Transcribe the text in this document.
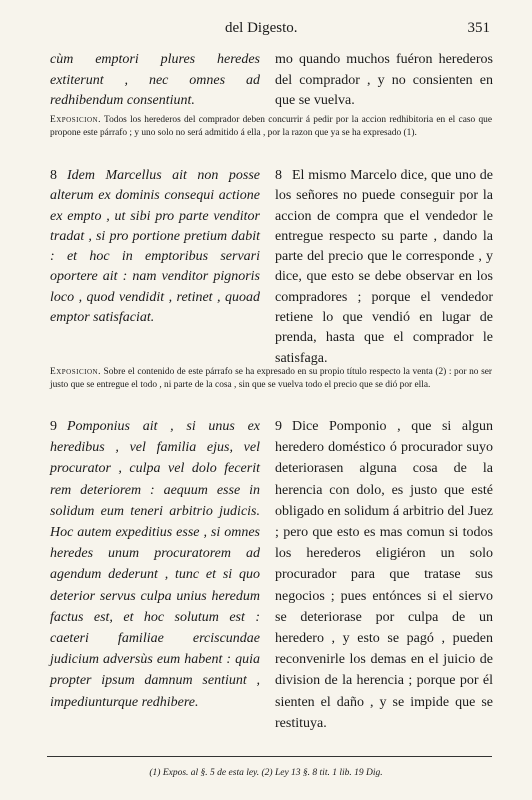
del Digesto.	351
cùm emptori plures heredes extiterunt , nec omnes ad redhibendum consentiunt.
mo quando muchos fuéron herederos del comprador , y no consienten en que se vuelva.
Exposicion. Todos los herederos del comprador deben concurrir á pedir por la accion redhibitoria en el caso que propone este párrafo ; y uno solo no será admitido á ella , por la razon que ya se ha expresado (1).
8 Idem Marcellus ait non posse alterum ex dominis consequi actione ex empto , ut sibi pro parte venditor tradat , si pro portione pretium dabit : et hoc in emptoribus servari oportere ait : nam venditor pignoris loco , quod vendidit , retinet , quoad emptor satisfaciat.
8 El mismo Marcelo dice, que uno de los señores no puede conseguir por la accion de compra que el vendedor le entregue respecto su parte , dando la parte del precio que le corresponde , y dice, que esto se debe observar en los compradores ; porque el vendedor retiene lo que vendió en lugar de prenda, hasta que el comprador le satisfaga.
Exposicion. Sobre el contenido de este párrafo se ha expresado en su propio título respecto la venta (2) : por no ser justo que se entregue el todo , ni parte de la cosa , sin que se vuelva todo el precio que se dió por ella.
9 Pomponius ait , si unus ex heredibus , vel familia ejus, vel procurator , culpa vel dolo fecerit rem deteriorem : aequum esse in solidum eum teneri arbitrio judicis. Hoc autem expeditius esse , si omnes heredes unum procuratorem ad agendum dederunt , tunc et si quo deterior servus culpa unius heredum factus est, et hoc solutum est : caeteri familiae erciscundae judicium adversùs eum habent : quia propter ipsum damnum sentiunt , impediunturque redhibere.
9 Dice Pomponio , que si algun heredero doméstico ó procurador suyo deteriorasen alguna cosa de la herencia con dolo, es justo que esté obligado en solidum á arbitrio del Juez ; pero que esto es mas comun si todos los herederos eligiéron un solo procurador para que tratase sus negocios ; pues entónces si el siervo se deteriorase por culpa de un heredero , y esto se pagó , pueden reconvenirle los demas en el juicio de division de la herencia ; porque por él sienten el daño , y se impide que se restituya.
(1) Expos. al §. 5 de esta ley. (2) Ley 13 §. 8 tit. 1 lib. 19 Dig.
